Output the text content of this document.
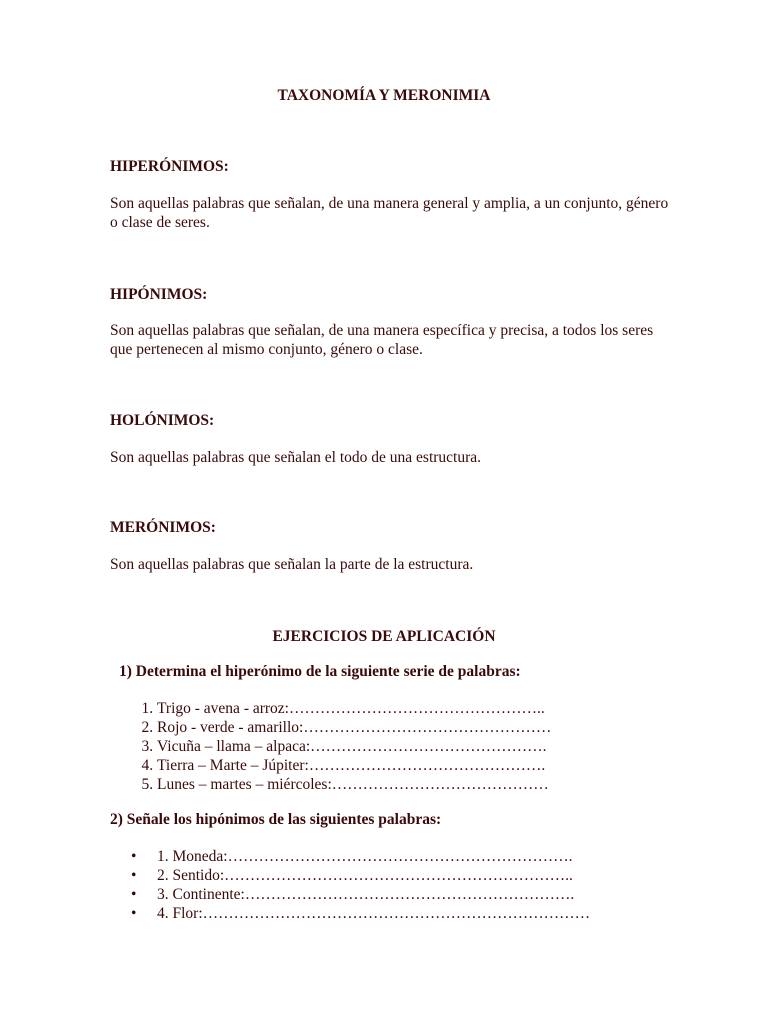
TAXONOMÍA Y MERONIMIA
HIPERÓNIMOS:

Son aquellas palabras que señalan, de una manera general y amplia, a un conjunto, género o clase de seres.

HIPÓNIMOS:

Son aquellas palabras que señalan, de una manera específica y precisa, a todos los seres que pertenecen al mismo conjunto, género o clase.

HOLÓNIMOS:

Son aquellas palabras que señalan el todo de una estructura.

MERÓNIMOS:

Son aquellas palabras que señalan la parte de la estructura.

EJERCICIOS DE APLICACIÓN

1) Determina el hiperónimo de la siguiente serie de palabras:

1. Trigo - avena - arroz:…………………………………………..
2. Rojo - verde - amarillo:…………………………………………
3. Vicuña – llama – alpaca:……………………………………….
4. Tierra – Marte – Júpiter:……………………………………….
5. Lunes – martes – miércoles:……………………………………

2) Señale los hipónimos de las siguientes palabras:

• 1. Moneda:………………………………………………………….
• 2. Sentido:…………………………………………………………..
• 3. Continente:……………………………………………………….
• 4. Flor:…………………………………………………………………
